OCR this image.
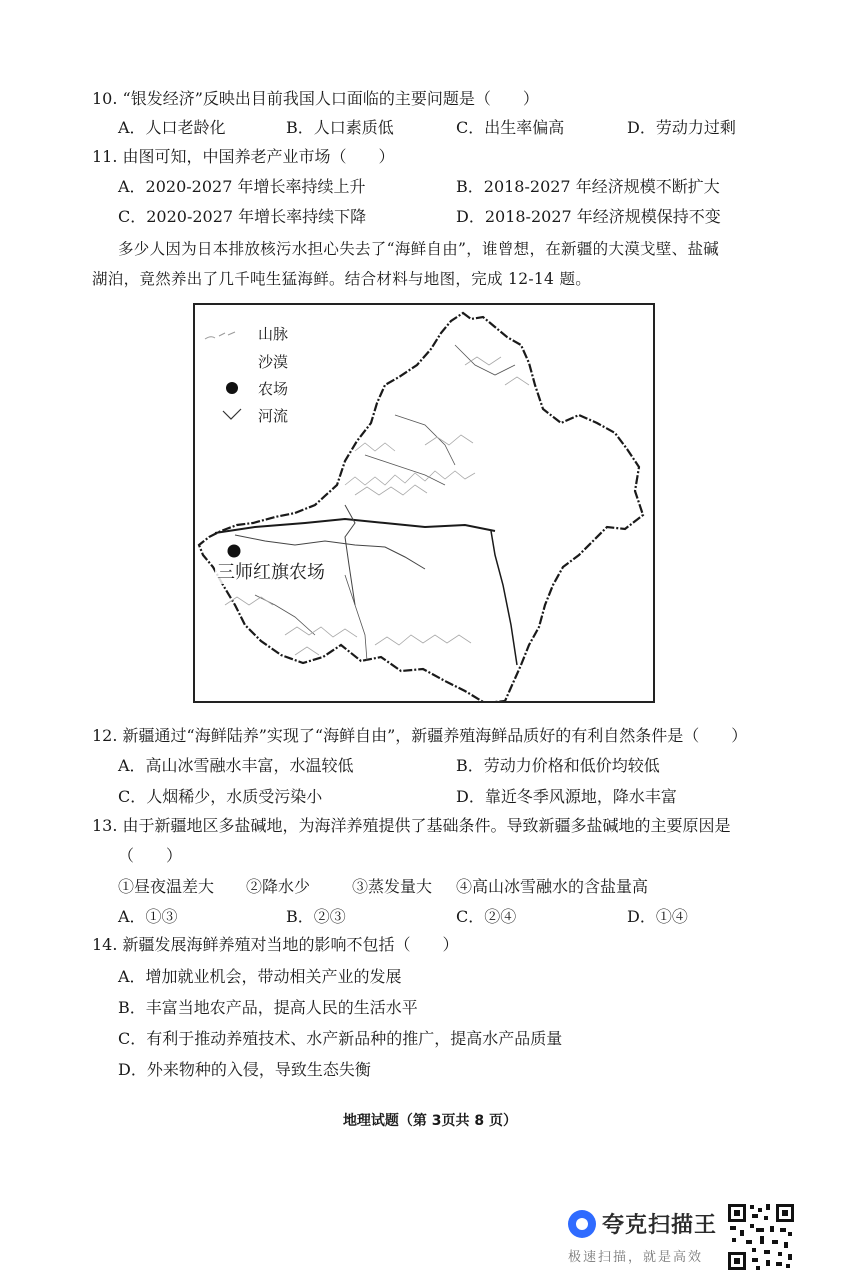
10. “银发经济”反映出目前我国人口面临的主要问题是（　　）
A．人口老龄化	B．人口素质低	C．出生率偏高	D．劳动力过剩
11. 由图可知，中国养老产业市场（　　）
A．2020-2027 年增长率持续上升	B．2018-2027 年经济规模不断扩大
C．2020-2027 年增长率持续下降	D．2018-2027 年经济规模保持不变
多少人因为日本排放核污水担心失去了“海鲜自由”，谁曾想，在新疆的大漠戈壁、盐碱
湖泊，竟然养出了几千吨生猛海鲜。结合材料与地图，完成 12-14 题。
山脉
沙漠
农场
河流
三师红旗农场
12. 新疆通过“海鲜陆养”实现了“海鲜自由”，新疆养殖海鲜品质好的有利自然条件是（　　）
A．高山冰雪融水丰富，水温较低	B．劳动力价格和低价均较低
C．人烟稀少，水质受污染小	D．靠近冬季风源地，降水丰富
13. 由于新疆地区多盐碱地，为海洋养殖提供了基础条件。导致新疆多盐碱地的主要原因是
（　　）
①昼夜温差大 ②降水少	③蒸发量大 ④高山冰雪融水的含盐量高
A．①③	B．②③	C．②④	D．①④
14. 新疆发展海鲜养殖对当地的影响不包括（　　）
A．增加就业机会，带动相关产业的发展
B．丰富当地农产品，提高人民的生活水平
C．有利于推动养殖技术、水产新品种的推广，提高水产品质量
D．外来物种的入侵，导致生态失衡
地理试题（第 3页共 8 页）
夸克扫描王
极速扫描，就是高效
